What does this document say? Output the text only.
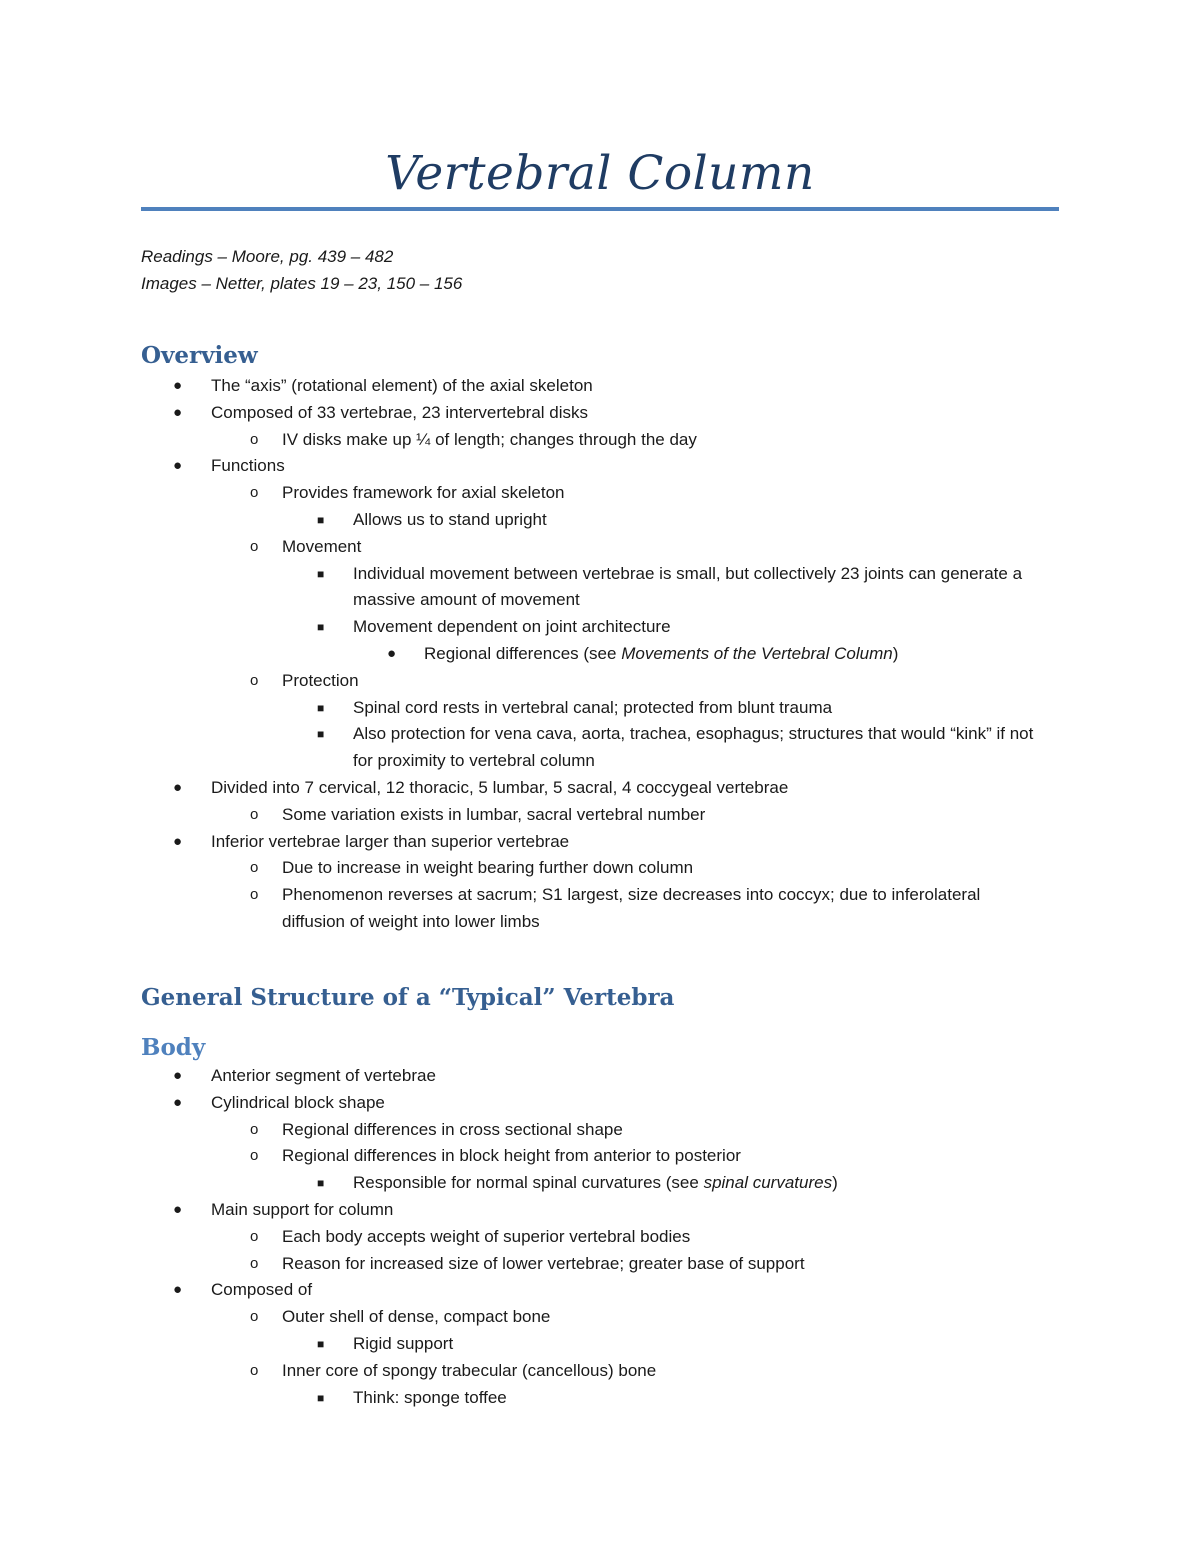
Vertebral Column
Readings – Moore, pg. 439 – 482
Images – Netter, plates 19 – 23, 150 – 156
Overview
● The “axis” (rotational element) of the axial skeleton
● Composed of 33 vertebrae, 23 intervertebral disks
o IV disks make up ¼ of length; changes through the day
● Functions
o Provides framework for axial skeleton
■ Allows us to stand upright
o Movement
■ Individual movement between vertebrae is small, but collectively 23 joints can generate a massive amount of movement
■ Movement dependent on joint architecture
● Regional differences (see Movements of the Vertebral Column)
o Protection
■ Spinal cord rests in vertebral canal; protected from blunt trauma
■ Also protection for vena cava, aorta, trachea, esophagus; structures that would “kink” if not for proximity to vertebral column
● Divided into 7 cervical, 12 thoracic, 5 lumbar, 5 sacral, 4 coccygeal vertebrae
o Some variation exists in lumbar, sacral vertebral number
● Inferior vertebrae larger than superior vertebrae
o Due to increase in weight bearing further down column
o Phenomenon reverses at sacrum; S1 largest, size decreases into coccyx; due to inferolateral diffusion of weight into lower limbs
General Structure of a “Typical” Vertebra
Body
● Anterior segment of vertebrae
● Cylindrical block shape
o Regional differences in cross sectional shape
o Regional differences in block height from anterior to posterior
■ Responsible for normal spinal curvatures (see spinal curvatures)
● Main support for column
o Each body accepts weight of superior vertebral bodies
o Reason for increased size of lower vertebrae; greater base of support
● Composed of
o Outer shell of dense, compact bone
■ Rigid support
o Inner core of spongy trabecular (cancellous) bone
■ Think: sponge toffee
